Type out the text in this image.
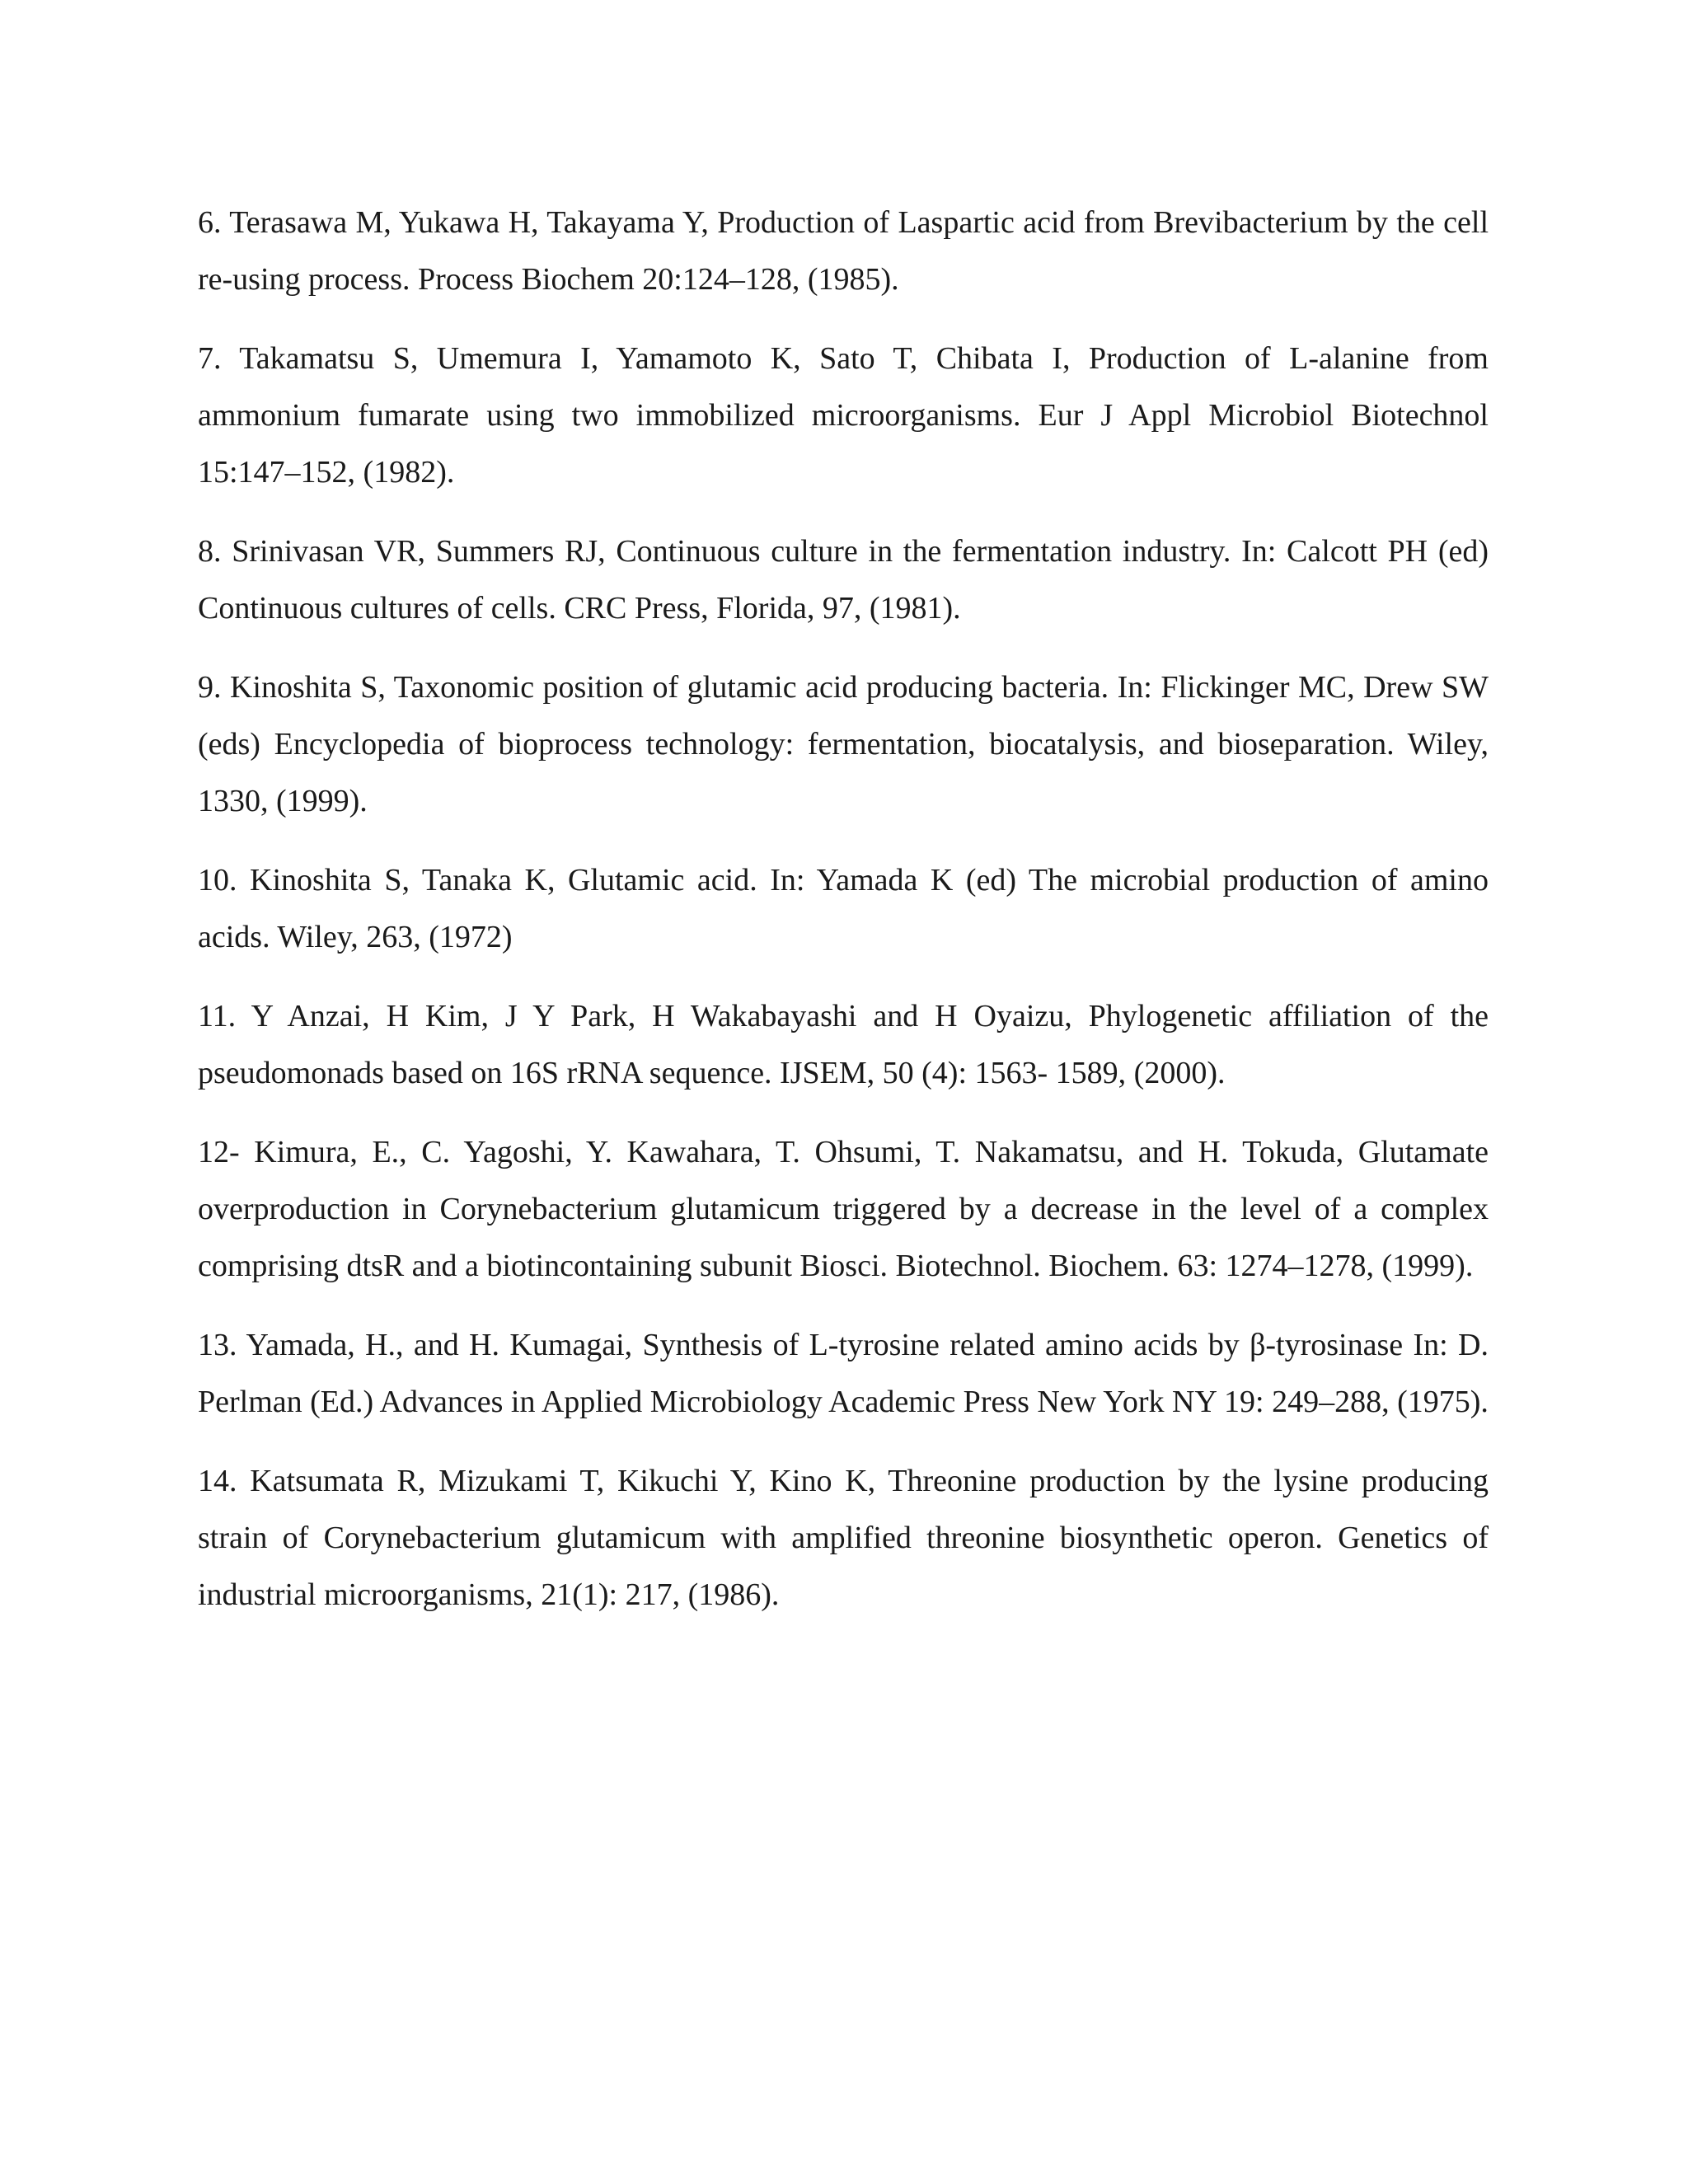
6. Terasawa M, Yukawa H, Takayama Y, Production of Laspartic acid from Brevibacterium by the cell re-using process. Process Biochem 20:124–128, (1985).
7. Takamatsu S, Umemura I, Yamamoto K, Sato T, Chibata I, Production of L-alanine from ammonium fumarate using two immobilized microorganisms. Eur J Appl Microbiol Biotechnol 15:147–152, (1982).
8. Srinivasan VR, Summers RJ, Continuous culture in the fermentation industry. In: Calcott PH (ed) Continuous cultures of cells. CRC Press, Florida, 97, (1981).
9. Kinoshita S, Taxonomic position of glutamic acid producing bacteria. In: Flickinger MC, Drew SW (eds) Encyclopedia of bioprocess technology: fermentation, biocatalysis, and bioseparation. Wiley, 1330, (1999).
10. Kinoshita S, Tanaka K, Glutamic acid. In: Yamada K (ed) The microbial production of amino acids. Wiley, 263, (1972)
11. Y Anzai, H Kim, J Y Park, H Wakabayashi and H Oyaizu, Phylogenetic affiliation of the pseudomonads based on 16S rRNA sequence. IJSEM, 50 (4): 1563- 1589, (2000).
12- Kimura, E., C. Yagoshi, Y. Kawahara, T. Ohsumi, T. Nakamatsu, and H. Tokuda, Glutamate overproduction in Corynebacterium glutamicum triggered by a decrease in the level of a complex comprising dtsR and a biotincontaining subunit Biosci. Biotechnol. Biochem. 63: 1274–1278, (1999).
13. Yamada, H., and H. Kumagai, Synthesis of L-tyrosine related amino acids by β-tyrosinase In: D. Perlman (Ed.) Advances in Applied Microbiology Academic Press New York NY 19: 249–288, (1975).
14. Katsumata R, Mizukami T, Kikuchi Y, Kino K, Threonine production by the lysine producing strain of Corynebacterium glutamicum with amplified threonine biosynthetic operon. Genetics of industrial microorganisms, 21(1): 217, (1986).
